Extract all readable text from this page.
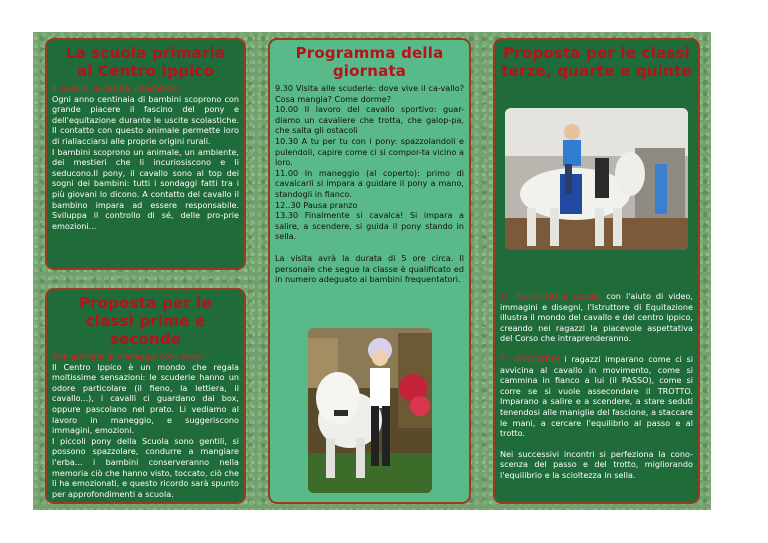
La scuola primaria al Centro Ippico
Il cavallo, la natura, il bambino.
Ogni anno centinaia di bambini scoprono con grande piacere il fascino del pony e dell'equitazione durante le uscite scolastiche. Il contatto con questo animale permette loro di riallacciarsi alle proprie origini rurali.
I bambini scoprono un animale, un ambiente, dei mestieri che li incuriosiscono e li seducono.Il pony, il cavallo sono al top dei sogni dei bambini: tutti i sondaggi fatti tra i più giovani lo dicono. A contatto del cavallo il bambino impara ad essere responsabile. Sviluppa il controllo di sé, delle pro-prie emozioni...
Proposta per le classi prime e seconde
Una giornata al maneggio con i pony!
Il Centro Ippico è un mondo che regala moltissime sensazioni: le scuderie hanno un odore particolare (il fieno, la lettiera, il cavallo...), i cavalli ci guardano dai box, oppure pascolano nel prato. Li vediamo al lavoro in maneggio, e suggeriscono immagini, emozioni.
I piccoli pony della Scuola sono gentili, si possono spazzolare, condurre a mangiare l'erba... i bambini conserveranno nella memoria ciò che hanno visto, toccato, ciò che li ha emozionati, e questo ricordo sarà spunto per approfondimenti a scuola.
Programma della giornata
9.30 Visita alle scuderie: dove vive il ca-vallo? Cosa mangia? Come dorme?
10.00 Il lavoro del cavallo sportivo: guar-diamo un cavaliere che trotta, che galop-pa, che salta gli ostacoli
10.30 A tu per tu con i pony: spazzolandoli e pulendoli, capire come ci si compor-ta vicino a loro.
11.00 In maneggio (al coperto): primo di cavalcarli si impara a guidare il pony a mano, standogli in fianco.
12..30 Pausa pranzo
13.30 Finalmente si cavalca! Si impara a salire, a scendere, si guida il pony stando in sella.
La visita avrà la durata di 5 ore circa. Il personale che segue la classe è qualificato ed in numero adeguato ai bambini frequentatori.
Proposta per le classi terze, quarte e quinte
1° INCONTRO a scuola: con l'aiuto di video, immagini e disegni, l'Istruttore di Equitazione illustra il mondo del cavallo e del centro ippico, creando nei ragazzi la piacevole aspettativa del Corso che intraprenderanno.
2° INCONTRO: i ragazzi imparano come ci si avvicina al cavallo in movimento, come si cammina in fianco a lui (il PASSO), come si corre se si vuole assecondare il TROTTO. Imparano a salire e a scendere, a stare seduti tenendosi alle maniglie del fascione, a staccare le mani, a cercare l'equilibrio al passo e al trotto.
Nei successivi incontri si perfeziona la cono-scenza del passo e del trotto, migliorando l'equilibrio e la scioltezza in sella.
